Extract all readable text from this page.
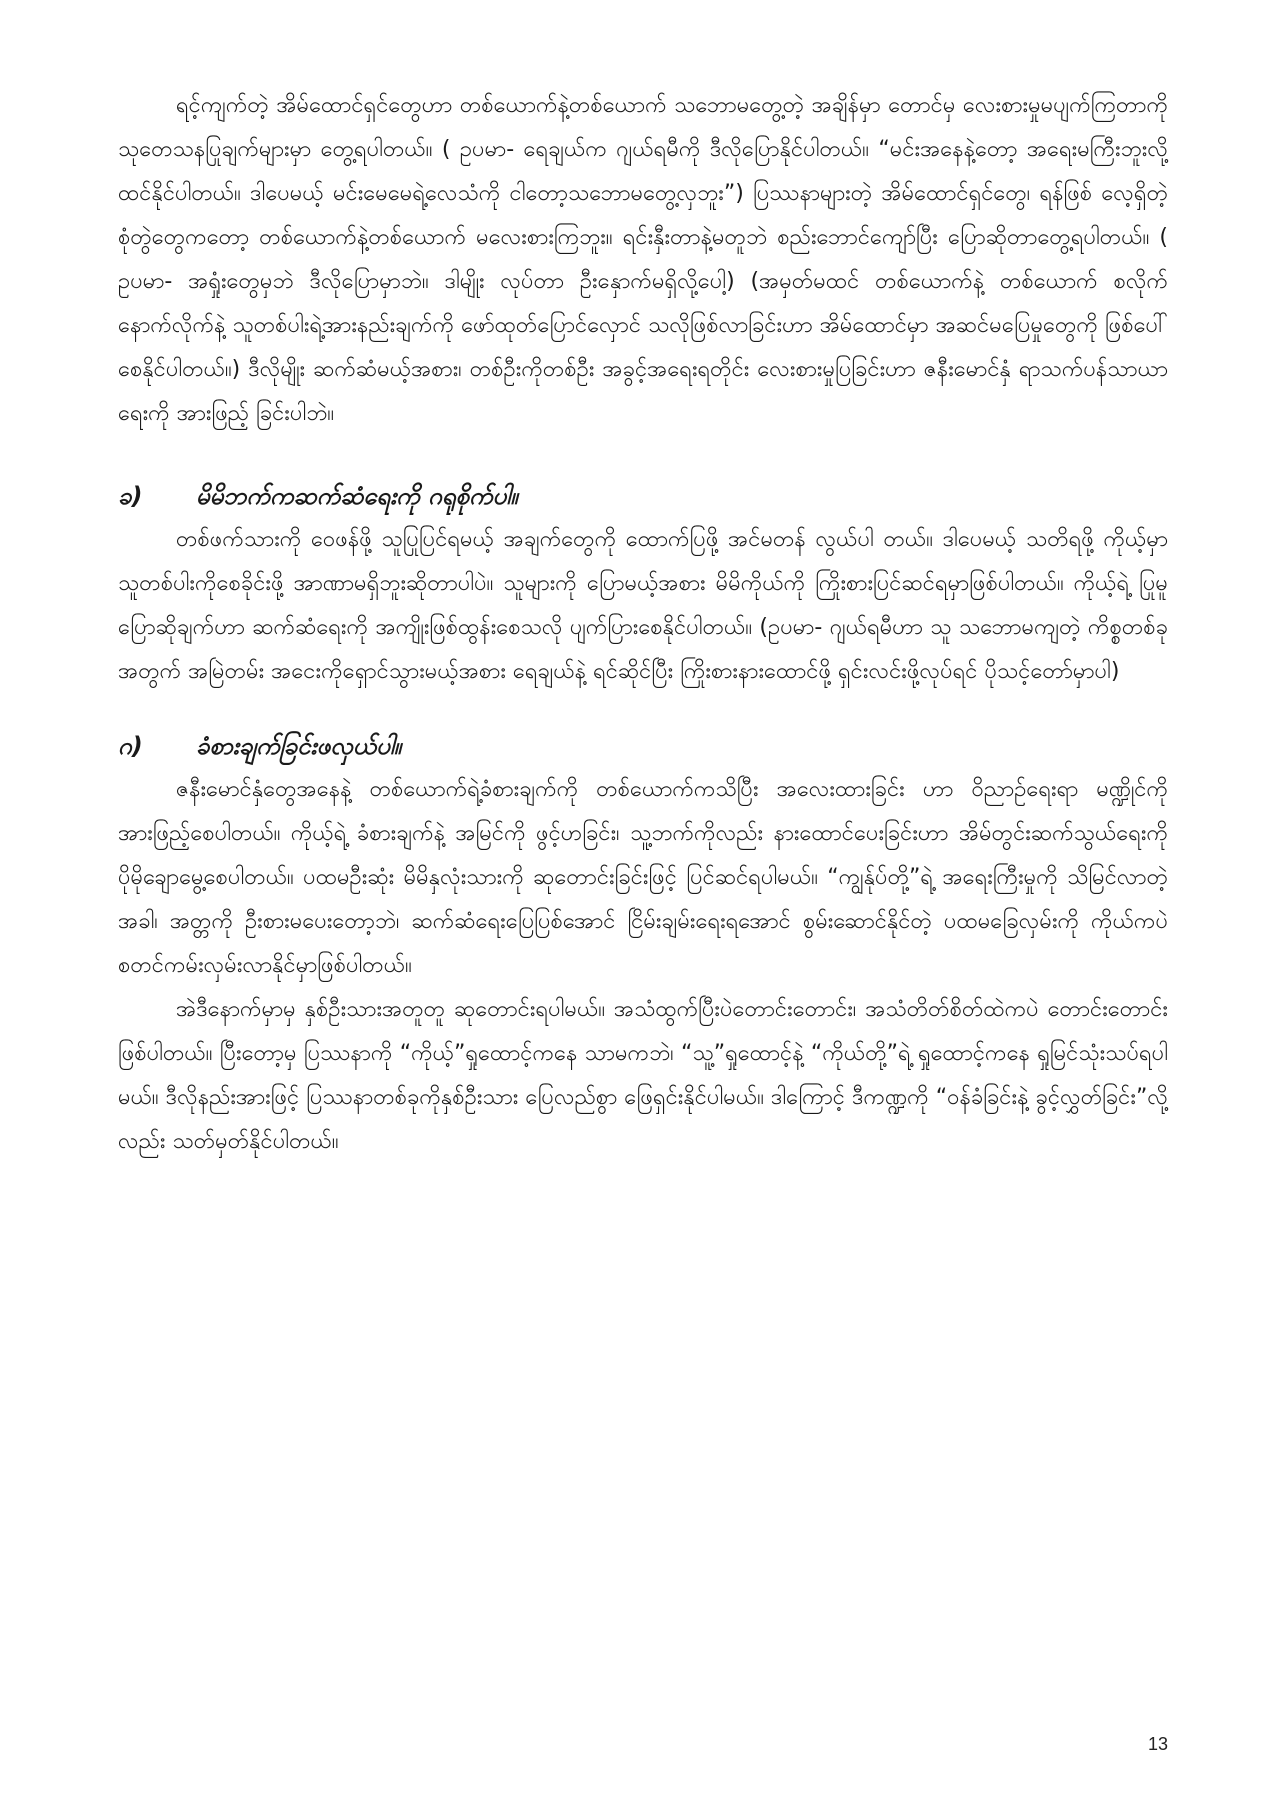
ရင့်ကျက်တဲ့ အိမ်ထောင်ရှင်တွေဟာ တစ်ယောက်နဲ့တစ်ယောက် သဘောမတွေ့တဲ့ အချိန်မှာ တောင်မှ လေးစားမှုမပျက်ကြတာကို သုတေသနပြုချက်များမှာ တွေ့ရပါတယ်။ ( ဥပမာ- ရေချယ်က ဂျယ်ရမီကို ဒီလိုပြောနိုင်ပါတယ်။ “မင်းအနေနဲ့တော့ အရေးမကြီးဘူးလို့ ထင်နိုင်ပါတယ်။ ဒါပေမယ့် မင်းမေမေရဲ့လေသံကို ငါတော့သဘောမတွေ့လှဘူး”) ပြဿနာများတဲ့ အိမ်ထောင်ရှင်တွေ၊ ရန်ဖြစ် လေ့ရှိတဲ့ စုံတွဲတွေကတော့ တစ်ယောက်နဲ့တစ်ယောက် မလေးစားကြဘူး။ ရင်းနှီးတာနဲ့မတူဘဲ စည်းဘောင်ကျော်ပြီး ပြောဆိုတာတွေ့ရပါတယ်။ ( ဥပမာ- အရှုံးတွေမှဘဲ ဒီလိုပြောမှာဘဲ။ ဒါမျိုး လုပ်တာ ဦးနှောက်မရှိလို့ပေါ့) (အမှတ်မထင် တစ်ယောက်နဲ့ တစ်ယောက် စလိုက်နောက်လိုက်နဲ့ သူတစ်ပါးရဲ့အားနည်းချက်ကို ဖော်ထုတ်ပြောင်လှောင် သလိုဖြစ်လာခြင်းဟာ အိမ်ထောင်မှာ အဆင်မပြေမှုတွေကို ဖြစ်ပေါ်စေနိုင်ပါတယ်။) ဒီလိုမျိုး ဆက်ဆံမယ့်အစား၊ တစ်ဦးကိုတစ်ဦး အခွင့်အရေးရတိုင်း လေးစားမှုပြခြင်းဟာ ဇနီးမောင်နှံ ရာသက်ပန်သာယာရေးကို အားဖြည့် ခြင်းပါဘဲ။

ခ)	မိမိဘက်ကဆက်ဆံရေးကို ဂရုစိုက်ပါ။

တစ်ဖက်သားကို ဝေဖန်ဖို့ သူပြုပြင်ရမယ့် အချက်တွေကို ထောက်ပြဖို့ အင်မတန် လွယ်ပါ တယ်။ ဒါပေမယ့် သတိရဖို့ ကိုယ့်မှာသူတစ်ပါးကိုစေခိုင်းဖို့ အာဏာမရှိဘူးဆိုတာပါပဲ။ သူများကို ပြောမယ့်အစား မိမိကိုယ်ကို ကြိုးစားပြင်ဆင်ရမှာဖြစ်ပါတယ်။ ကိုယ့်ရဲ့ ပြုမူပြောဆိုချက်ဟာ ဆက်ဆံရေးကို အကျိုးဖြစ်ထွန်းစေသလို ပျက်ပြားစေနိုင်ပါတယ်။ (ဥပမာ- ဂျယ်ရမီဟာ သူ သဘောမကျတဲ့ ကိစ္စတစ်ခုအတွက် အမြဲတမ်း အငေးကိုရှောင်သွားမယ့်အစား ရေချယ်နဲ့ ရင်ဆိုင်ပြီး ကြိုးစားနားထောင်ဖို့ ရှင်းလင်းဖို့လုပ်ရင် ပိုသင့်တော်မှာပါ)

ဂ)	ခံစားချက်ခြင်းဖလှယ်ပါ။

ဇနီးမောင်နှံတွေအနေနဲ့ တစ်ယောက်ရဲ့ခံစားချက်ကို တစ်ယောက်ကသိပြီး အလေးထားခြင်း ဟာ ဝိညာဉ်ရေးရာ မဏ္ဍိုင်ကို အားဖြည့်စေပါတယ်။ ကိုယ့်ရဲ့ ခံစားချက်နဲ့ အမြင်ကို ဖွင့်ဟခြင်း၊ သူ့ဘက်ကိုလည်း နားထောင်ပေးခြင်းဟာ အိမ်တွင်းဆက်သွယ်ရေးကို ပိုမိုချောမွေ့စေပါတယ်။ ပထမဦးဆုံး မိမိနှလုံးသားကို ဆုတောင်းခြင်းဖြင့် ပြင်ဆင်ရပါမယ်။ “ကျွန်ုပ်တို့”ရဲ့ အရေးကြီးမှုကို သိမြင်လာတဲ့အခါ၊ အတ္တကို ဦးစားမပေးတော့ဘဲ၊ ဆက်ဆံရေးပြေပြစ်အောင် ငြိမ်းချမ်းရေးရအောင် စွမ်းဆောင်နိုင်တဲ့ ပထမခြေလှမ်းကို ကိုယ်ကပဲ စတင်ကမ်းလှမ်းလာနိုင်မှာဖြစ်ပါတယ်။

အဲဒီနောက်မှာမှ နှစ်ဦးသားအတူတူ ဆုတောင်းရပါမယ်။ အသံထွက်ပြီးပဲတောင်းတောင်း၊ အသံတိတ်စိတ်ထဲကပဲ တောင်းတောင်းဖြစ်ပါတယ်။ ပြီးတော့မှ ပြဿနာကို “ကိုယ့်”ရှုထောင့်ကနေ သာမကဘဲ၊ “သူ့”ရှုထောင့်နဲ့ “ကိုယ်တို့”ရဲ့ ရှုထောင့်ကနေ ရှုမြင်သုံးသပ်ရပါမယ်။ ဒီလိုနည်းအားဖြင့် ပြဿနာတစ်ခုကိုနှစ်ဦးသား ပြေလည်စွာ ဖြေရှင်းနိုင်ပါမယ်။ ဒါကြောင့် ဒီကဏ္ဍကို “ဝန်ခံခြင်းနဲ့ ခွင့်လွှတ်ခြင်း”လို့လည်း သတ်မှတ်နိုင်ပါတယ်။

13
